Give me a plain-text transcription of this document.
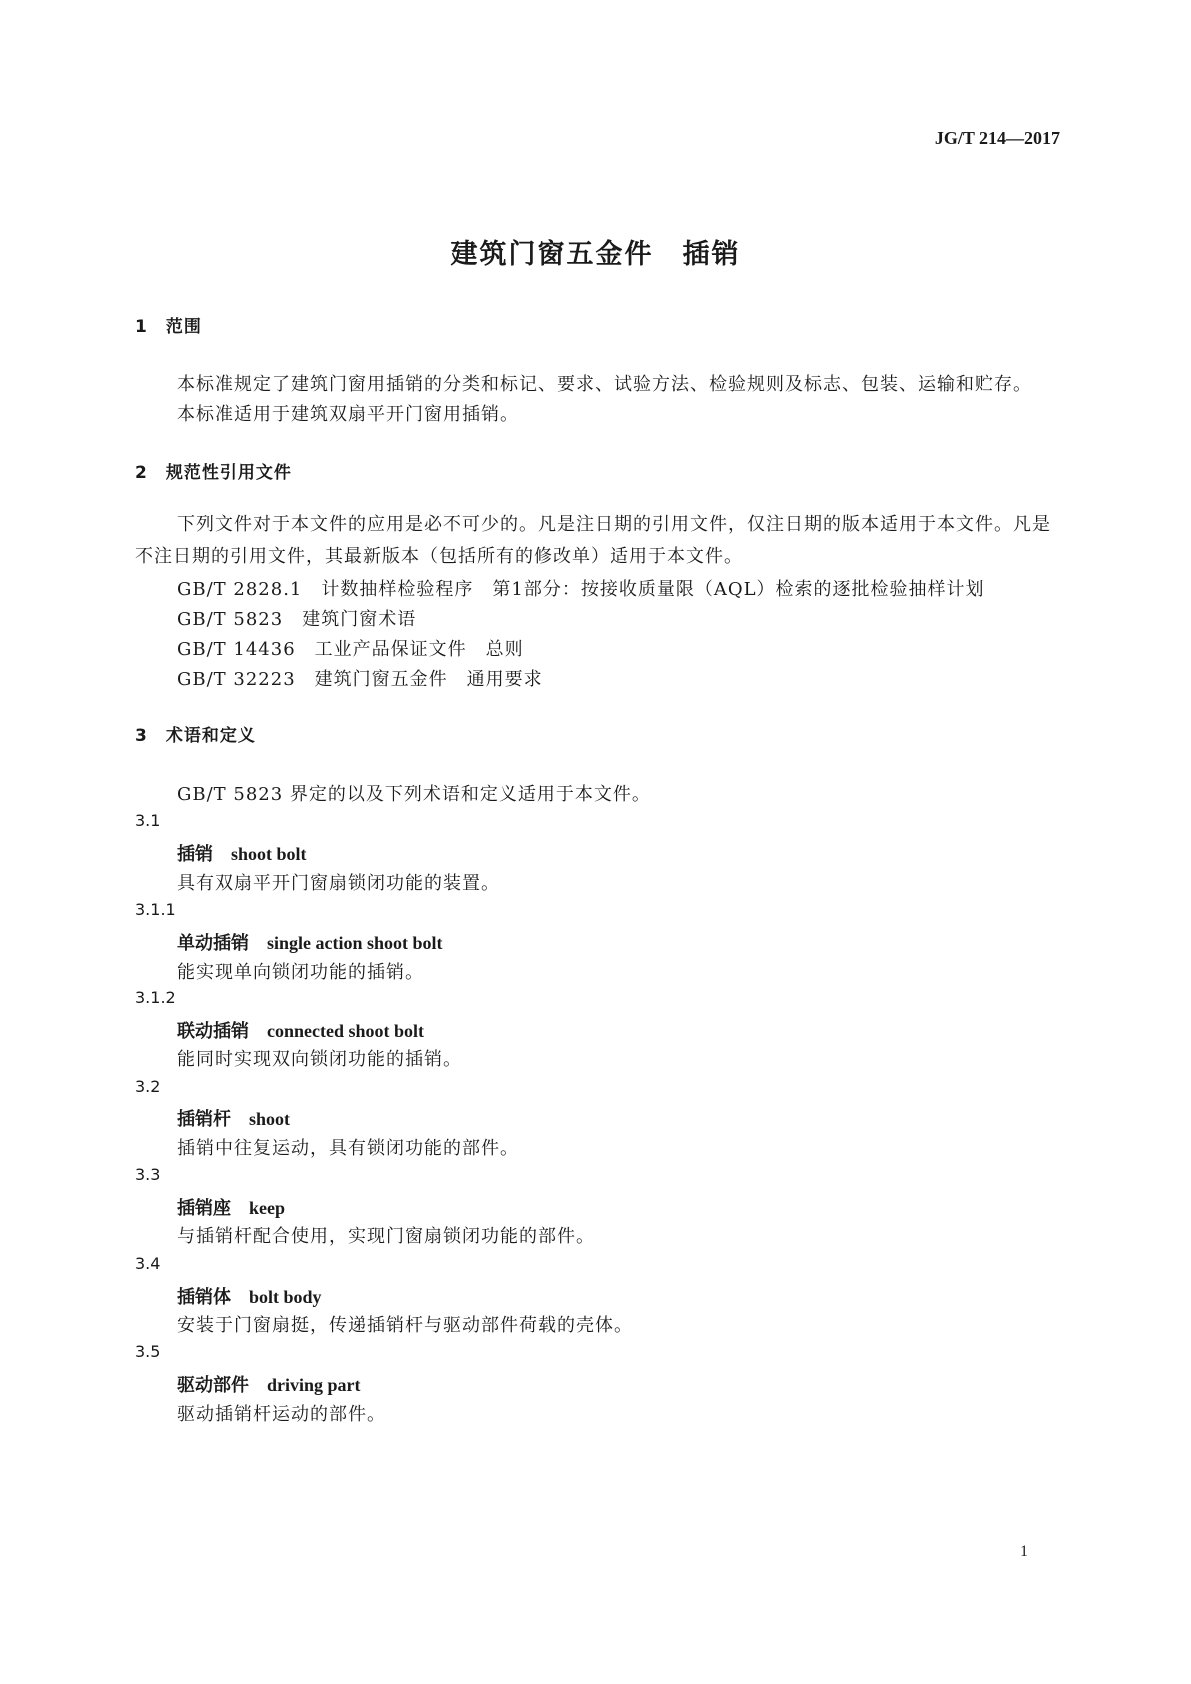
JG/T 214—2017
建筑门窗五金件　插销
1　范围
本标准规定了建筑门窗用插销的分类和标记、要求、试验方法、检验规则及标志、包装、运输和贮存。
本标准适用于建筑双扇平开门窗用插销。
2　规范性引用文件
下列文件对于本文件的应用是必不可少的。凡是注日期的引用文件，仅注日期的版本适用于本文件。凡是不注日期的引用文件，其最新版本（包括所有的修改单）适用于本文件。
GB/T 2828.1　计数抽样检验程序　第1部分：按接收质量限（AQL）检索的逐批检验抽样计划
GB/T 5823　建筑门窗术语
GB/T 14436　工业产品保证文件　总则
GB/T 32223　建筑门窗五金件　通用要求
3　术语和定义
GB/T 5823 界定的以及下列术语和定义适用于本文件。
3.1
插销　 shoot bolt
具有双扇平开门窗扇锁闭功能的装置。
3.1.1
单动插销　 single action shoot bolt
能实现单向锁闭功能的插销。
3.1.2
联动插销　 connected shoot bolt
能同时实现双向锁闭功能的插销。
3.2
插销杆　 shoot
插销中往复运动，具有锁闭功能的部件。
3.3
插销座　 keep
与插销杆配合使用，实现门窗扇锁闭功能的部件。
3.4
插销体　 bolt body
安装于门窗扇挺，传递插销杆与驱动部件荷载的壳体。
3.5
驱动部件　 driving part
驱动插销杆运动的部件。
1
